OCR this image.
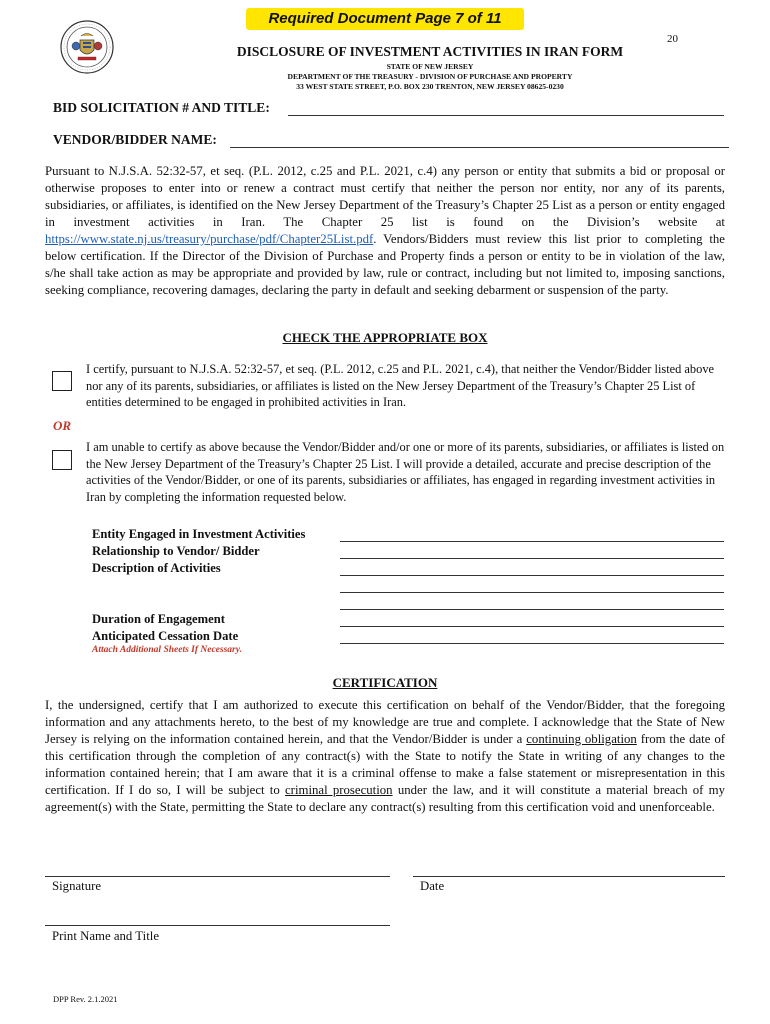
Required Document Page 7 of 11
20
DISCLOSURE OF INVESTMENT ACTIVITIES IN IRAN FORM
STATE OF NEW JERSEY
DEPARTMENT OF THE TREASURY - DIVISION OF PURCHASE AND PROPERTY
33 WEST STATE STREET, P.O. BOX 230 TRENTON, NEW JERSEY 08625-0230
BID SOLICITATION # AND TITLE:
VENDOR/BIDDER NAME:

Pursuant to N.J.S.A. 52:32-57, et seq. (P.L. 2012, c.25 and P.L. 2021, c.4) any person or entity that submits a bid or proposal or otherwise proposes to enter into or renew a contract must certify that neither the person nor entity, nor any of its parents, subsidiaries, or affiliates, is identified on the New Jersey Department of the Treasury’s Chapter 25 List as a person or entity engaged in investment activities in Iran. The Chapter 25 list is found on the Division’s website at https://www.state.nj.us/treasury/purchase/pdf/Chapter25List.pdf. Vendors/Bidders must review this list prior to completing the below certification. If the Director of the Division of Purchase and Property finds a person or entity to be in violation of the law, s/he shall take action as may be appropriate and provided by law, rule or contract, including but not limited to, imposing sanctions, seeking compliance, recovering damages, declaring the party in default and seeking debarment or suspension of the party.

CHECK THE APPROPRIATE BOX
I certify, pursuant to N.J.S.A. 52:32-57, et seq. (P.L. 2012, c.25 and P.L. 2021, c.4), that neither the Vendor/Bidder listed above nor any of its parents, subsidiaries, or affiliates is listed on the New Jersey Department of the Treasury’s Chapter 25 List of entities determined to be engaged in prohibited activities in Iran.
OR
I am unable to certify as above because the Vendor/Bidder and/or one or more of its parents, subsidiaries, or affiliates is listed on the New Jersey Department of the Treasury’s Chapter 25 List. I will provide a detailed, accurate and precise description of the activities of the Vendor/Bidder, or one of its parents, subsidiaries or affiliates, has engaged in regarding investment activities in Iran by completing the information requested below.
Entity Engaged in Investment Activities
Relationship to Vendor/ Bidder
Description of Activities
Duration of Engagement
Anticipated Cessation Date
Attach Additional Sheets If Necessary.
CERTIFICATION

I, the undersigned, certify that I am authorized to execute this certification on behalf of the Vendor/Bidder, that the foregoing information and any attachments hereto, to the best of my knowledge are true and complete. I acknowledge that the State of New Jersey is relying on the information contained herein, and that the Vendor/Bidder is under a continuing obligation from the date of this certification through the completion of any contract(s) with the State to notify the State in writing of any changes to the information contained herein; that I am aware that it is a criminal offense to make a false statement or misrepresentation in this certification. If I do so, I will be subject to criminal prosecution under the law, and it will constitute a material breach of my agreement(s) with the State, permitting the State to declare any contract(s) resulting from this certification void and unenforceable.

Signature	Date
Print Name and Title
DPP Rev. 2.1.2021
